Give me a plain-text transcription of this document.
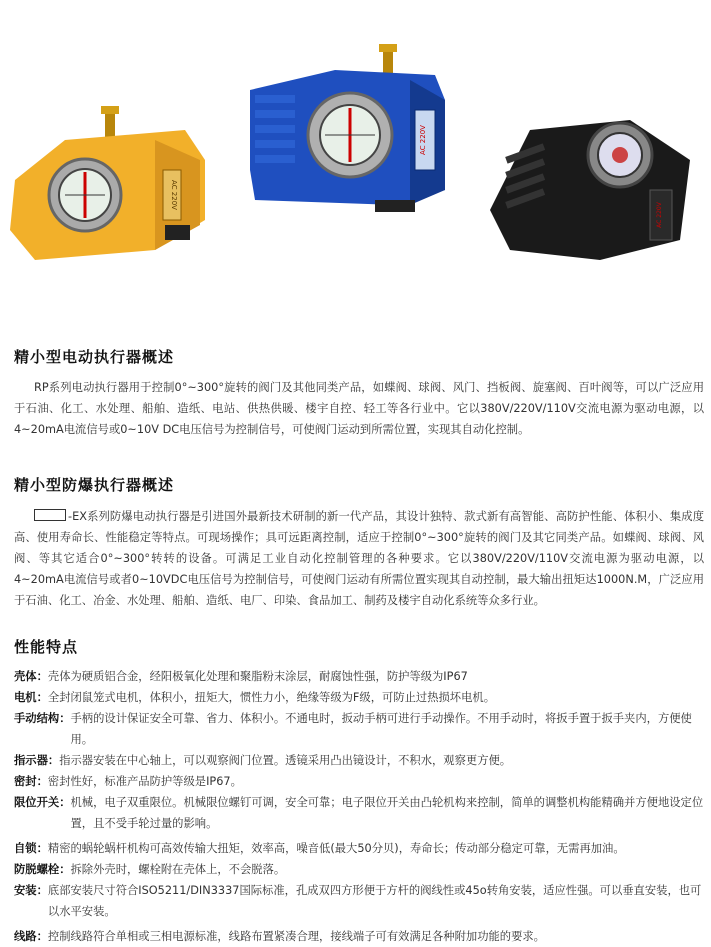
AC 220V
AC 220V
AC 220V
精小型电动执行器概述
RP系列电动执行器用于控制0°~300°旋转的阀门及其他同类产品，如蝶阀、球阀、风门、挡板阀、旋塞阀、百叶阀等，可以广泛应用于石油、化工、水处理、船舶、造纸、电站、供热供暖、楼宇自控、轻工等各行业中。它以380V/220V/110V交流电源为驱动电源，以4~20mA电流信号或0~10V DC电压信号为控制信号，可使阀门运动到所需位置，实现其自动化控制。
精小型防爆执行器概述
-EX系列防爆电动执行器是引进国外最新技术研制的新一代产品，其设计独特、款式新有高智能、高防护性能、体积小、集成度高、使用寿命长、性能稳定等特点。可现场操作；具可远距离控制，适应于控制0°~300°旋转的阀门及其它同类产品。如蝶阀、球阀、风阀、等其它适合0°~300°转转的设备。可满足工业自动化控制管理的各种要求。它以380V/220V/110V交流电源为驱动电源，以4~20mA电流信号或者0~10VDC电压信号为控制信号，可使阀门运动有所需位置实现其自动控制，最大输出扭矩达1000N.M，广泛应用于石油、化工、冶金、水处理、船舶、造纸、电厂、印染、食品加工、制药及楼宇自动化系统等众多行业。
性能特点
壳体： 壳体为硬质铝合金，经阳极氧化处理和聚脂粉末涂层，耐腐蚀性强，防护等级为IP67
电机： 全封闭鼠笼式电机，体积小，扭矩大，惯性力小，绝缘等级为F级，可防止过热损坏电机。
手动结构： 手柄的设计保证安全可靠、省力、体积小。不通电时，扳动手柄可进行手动操作。不用手动时，将扳手置于扳手夹内，方便使用。
指示器： 指示器安装在中心轴上，可以观察阀门位置。透镜采用凸出镜设计，不积水，观察更方便。
密封： 密封性好，标准产品防护等级是IP67。
限位开关： 机械，电子双重限位。机械限位螺钉可调，安全可靠；电子限位开关由凸轮机构来控制，简单的调整机构能精确并方便地设定位置，且不受手轮过量的影响。
自锁： 精密的蜗轮蜗杆机构可高效传输大扭矩，效率高，噪音低(最大50分贝)，寿命长；传动部分稳定可靠，无需再加油。
防脱螺栓： 拆除外壳时，螺栓附在壳体上，不会脱落。
安装： 底部安装尺寸符合ISO5211/DIN3337国际标准，孔成双四方形便于方杆的阀线性或45o转角安装，适应性强。可以垂直安装，也可以水平安装。
线路： 控制线路符合单相或三相电源标准，线路布置紧凑合理，接线端子可有效满足各种附加功能的要求。
